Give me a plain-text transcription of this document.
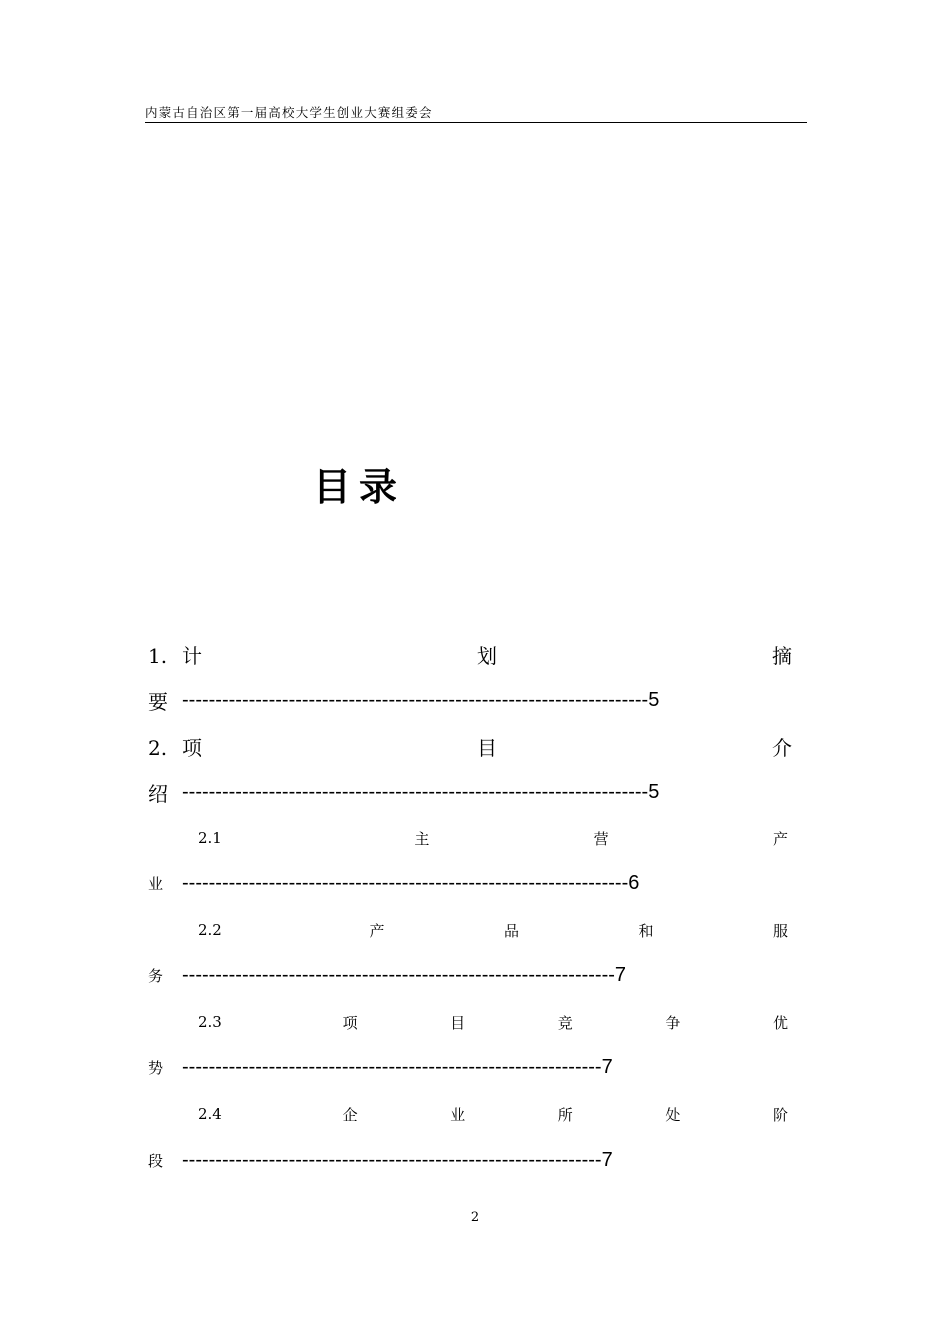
内蒙古自治区第一届高校大学生创业大赛组委会
目录
1. 计	划	摘
要 ---------------------------------------------------------------------- 5
2. 项	目	介
绍 ---------------------------------------------------------------------- 5
2.1	主	营	产
业 ------------------------------------------------------------------- 6
2.2	产	品	和	服
务 ----------------------------------------------------------------- 7
2.3	项	目	竞	争	优
势 --------------------------------------------------------------- 7
2.4	企	业	所	处	阶
段 --------------------------------------------------------------- 7
2
